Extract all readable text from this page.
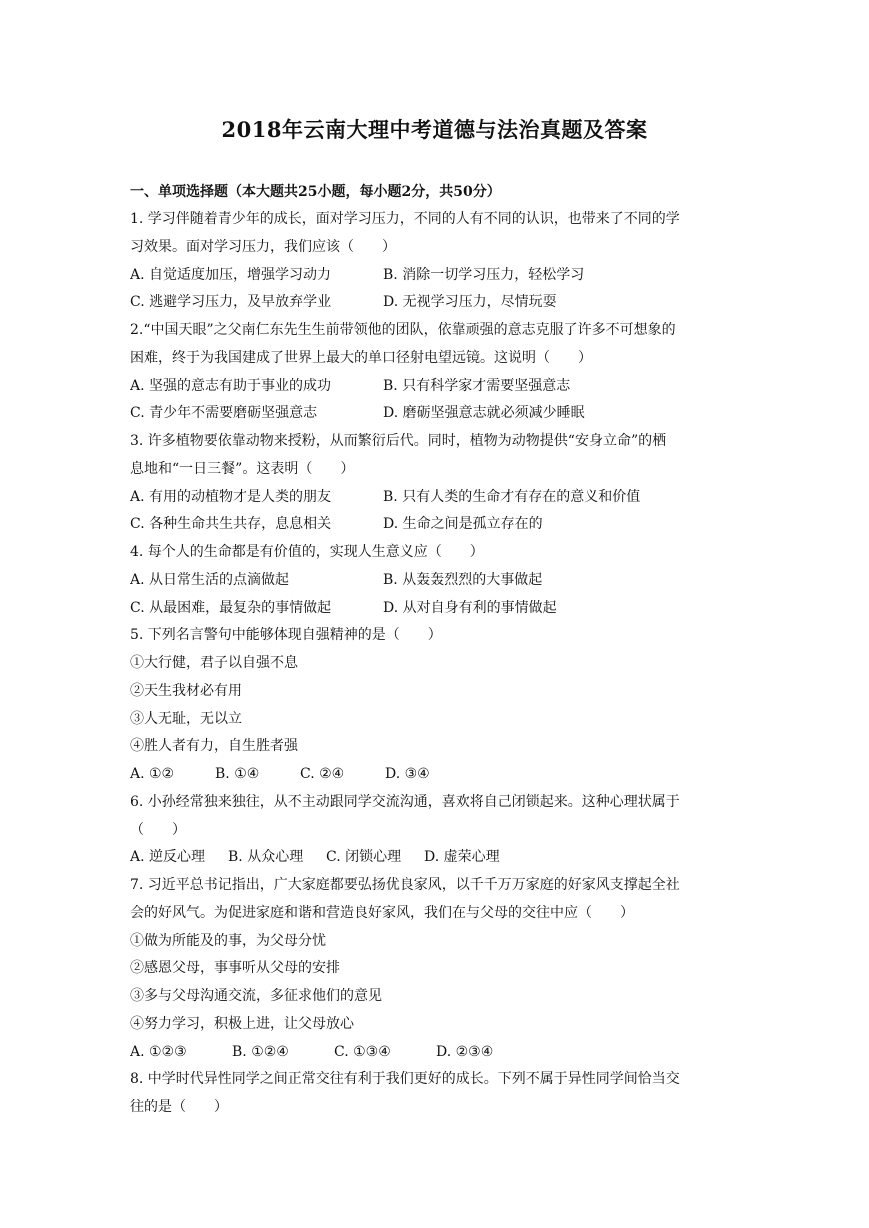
2018年云南大理中考道德与法治真题及答案
一、单项选择题（本大题共25小题，每小题2分，共50分）
1. 学习伴随着青少年的成长，面对学习压力，不同的人有不同的认识，也带来了不同的学
习效果。面对学习压力，我们应该（　　）
A. 自觉适度加压，增强学习动力	B. 消除一切学习压力，轻松学习
C. 逃避学习压力，及早放弃学业	D. 无视学习压力，尽情玩耍
2.“中国天眼”之父南仁东先生生前带领他的团队，依靠顽强的意志克服了许多不可想象的
困难，终于为我国建成了世界上最大的单口径射电望远镜。这说明（　　）
A. 坚强的意志有助于事业的成功	B. 只有科学家才需要坚强意志
C. 青少年不需要磨砺坚强意志	D. 磨砺坚强意志就必须减少睡眠
3. 许多植物要依靠动物来授粉，从而繁衍后代。同时，植物为动物提供“安身立命”的栖
息地和“一日三餐”。这表明（　　）
A. 有用的动植物才是人类的朋友	B. 只有人类的生命才有存在的意义和价值
C. 各种生命共生共存，息息相关	D. 生命之间是孤立存在的
4. 每个人的生命都是有价值的，实现人生意义应（　　）
A. 从日常生活的点滴做起	B. 从轰轰烈烈的大事做起
C. 从最困难，最复杂的事情做起	D. 从对自身有利的事情做起
5. 下列名言警句中能够体现自强精神的是（　　）
①大行健，君子以自强不息
②天生我材必有用
③人无耻，无以立
④胜人者有力，自生胜者强
A. ①②	B. ①④	C. ②④	D. ③④
6. 小孙经常独来独往，从不主动跟同学交流沟通，喜欢将自己闭锁起来。这种心理状属于
（　　）
A. 逆反心理	B. 从众心理	C. 闭锁心理	D. 虚荣心理
7. 习近平总书记指出，广大家庭都要弘扬优良家风，以千千万万家庭的好家风支撑起全社
会的好风气。为促进家庭和谐和营造良好家风，我们在与父母的交往中应（　　）
①做为所能及的事，为父母分忧
②感恩父母，事事听从父母的安排
③多与父母沟通交流，多征求他们的意见
④努力学习，积极上进，让父母放心
A. ①②③	B. ①②④	C. ①③④	D. ②③④
8. 中学时代异性同学之间正常交往有利于我们更好的成长。下列不属于异性同学间恰当交
往的是（　　）
